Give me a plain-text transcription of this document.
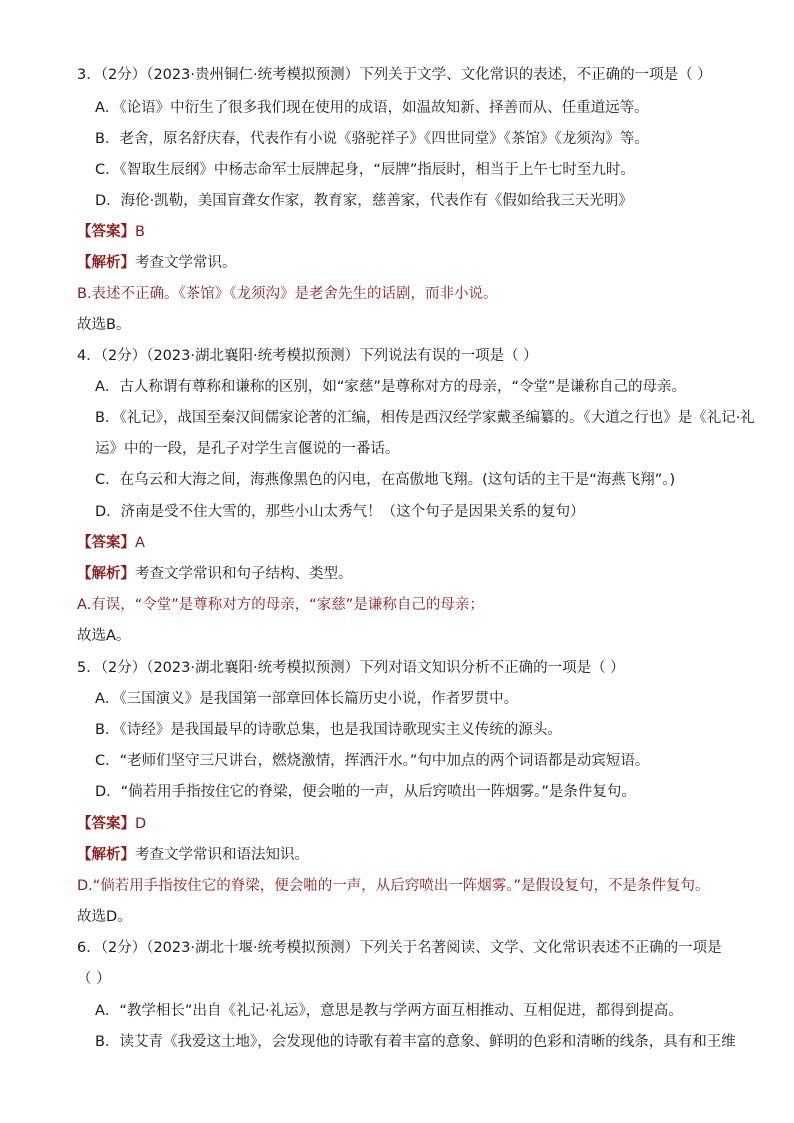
3．（2分）（2023·贵州铜仁·统考模拟预测）下列关于文学、文化常识的表述，不正确的一项是（ ）
A．《论语》中衍生了很多我们现在使用的成语，如温故知新、择善而从、任重道远等。
B．老舍，原名舒庆春，代表作有小说《骆驼祥子》《四世同堂》《茶馆》《龙须沟》等。
C．《智取生辰纲》中杨志命军士辰牌起身，“辰牌”指辰时，相当于上午七时至九时。
D．海伦·凯勒，美国盲聋女作家，教育家，慈善家，代表作有《假如给我三天光明》
【答案】B
【解析】考查文学常识。
B.表述不正确。《茶馆》《龙须沟》是老舍先生的话剧，而非小说。
故选B。
4．（2分）（2023·湖北襄阳·统考模拟预测）下列说法有误的一项是（ ）
A．古人称谓有尊称和谦称的区别，如“家慈”是尊称对方的母亲，“令堂”是谦称自己的母亲。
B．《礼记》，战国至秦汉间儒家论著的汇编，相传是西汉经学家戴圣编纂的。《大道之行也》是《礼记·礼
运》中的一段，是孔子对学生言偃说的一番话。
C．在乌云和大海之间，海燕像黑色的闪电，在高傲地飞翔。(这句话的主干是“海燕飞翔”。)
D．济南是受不住大雪的，那些小山太秀气！（这个句子是因果关系的复句）
【答案】A
【解析】考查文学常识和句子结构、类型。
A.有误，“令堂”是尊称对方的母亲，“家慈”是谦称自己的母亲；
故选A。
5．（2分）（2023·湖北襄阳·统考模拟预测）下列对语文知识分析不正确的一项是（ ）
A．《三国演义》是我国第一部章回体长篇历史小说，作者罗贯中。
B．《诗经》是我国最早的诗歌总集，也是我国诗歌现实主义传统的源头。
C．“老师们坚守三尺讲台，燃烧激情，挥洒汗水。”句中加点的两个词语都是动宾短语。
D．“倘若用手指按住它的脊梁，便会啪的一声，从后窍喷出一阵烟雾。”是条件复句。
【答案】D
【解析】考查文学常识和语法知识。
D.“倘若用手指按住它的脊梁，便会啪的一声，从后窍喷出一阵烟雾。”是假设复句，不是条件复句。
故选D。
6．（2分）（2023·湖北十堰·统考模拟预测）下列关于名著阅读、文学、文化常识表述不正确的一项是
（ ）
A．“教学相长”出自《礼记·礼运》，意思是教与学两方面互相推动、互相促进，都得到提高。
B．读艾青《我爱这土地》，会发现他的诗歌有着丰富的意象、鲜明的色彩和清晰的线条，具有和王维
